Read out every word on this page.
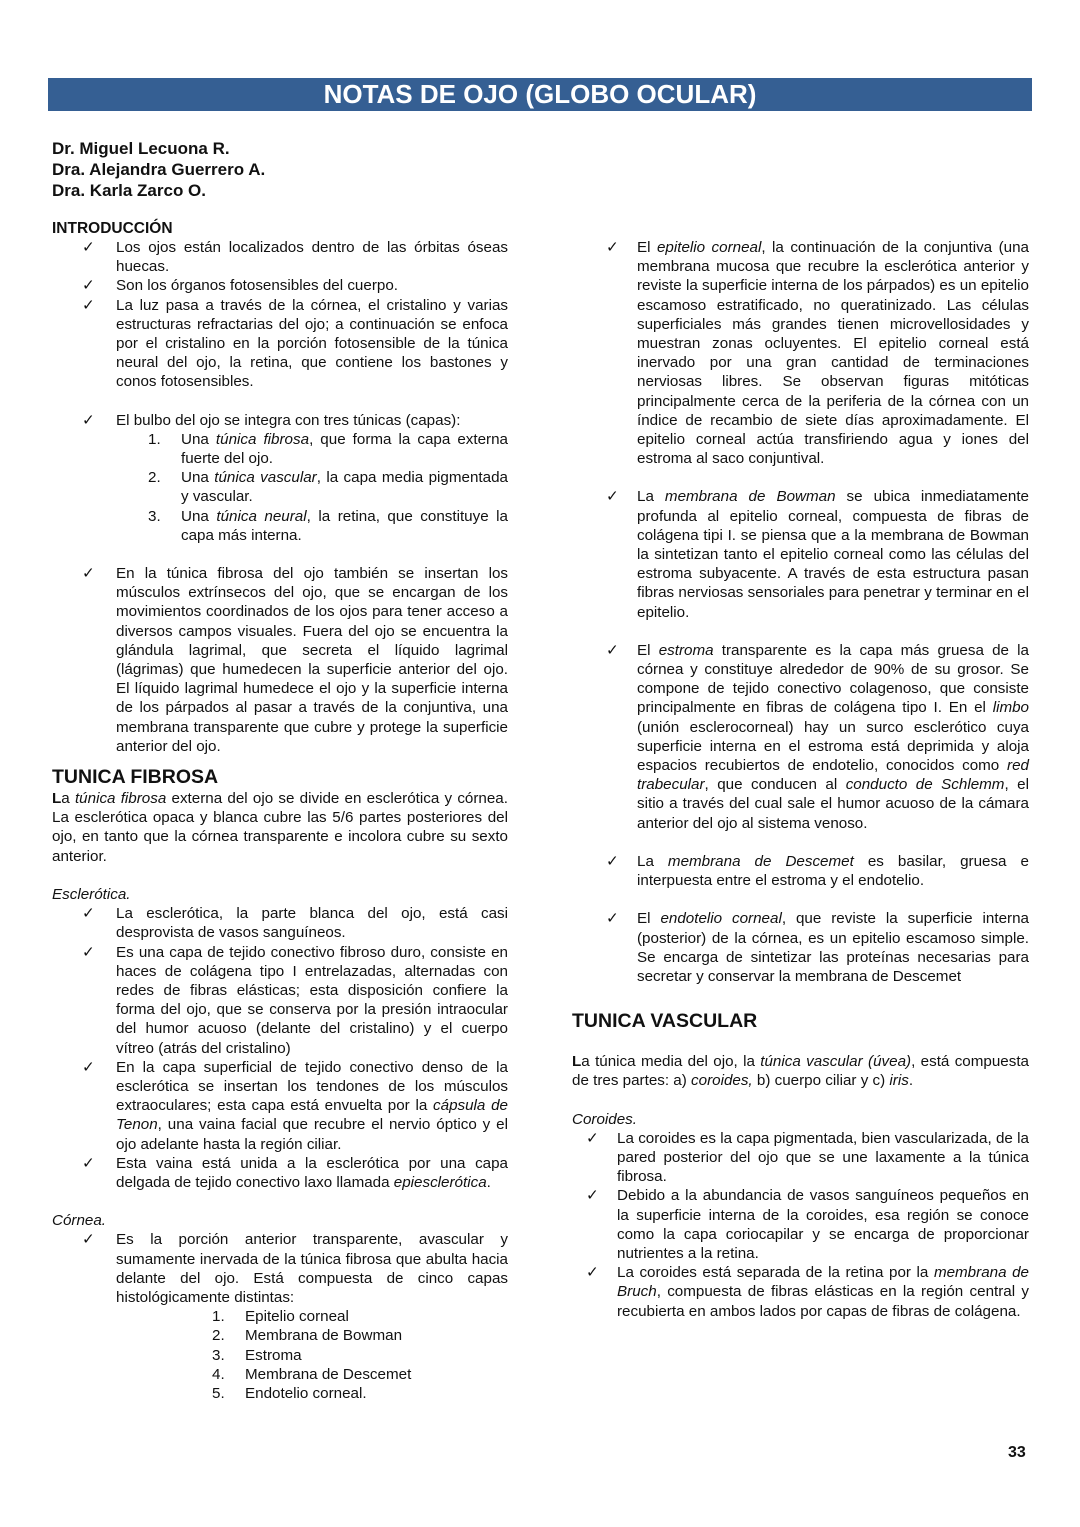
NOTAS DE OJO (GLOBO OCULAR)
Dr. Miguel Lecuona R.
Dra. Alejandra Guerrero A.
Dra. Karla Zarco O.
INTRODUCCIÓN
✓ Los ojos están localizados dentro de las órbitas óseas huecas.
✓ Son los órganos fotosensibles del cuerpo.
✓ La luz pasa a través de la córnea, el cristalino y varias estructuras refractarias del ojo; a continuación se enfoca por el cristalino en la porción fotosensible de la túnica neural del ojo, la retina, que contiene los bastones y conos fotosensibles.
✓ El bulbo del ojo se integra con tres túnicas (capas):
1. Una túnica fibrosa, que forma la capa externa fuerte del ojo.
2. Una túnica vascular, la capa media pigmentada y vascular.
3. Una túnica neural, la retina, que constituye la capa más interna.
✓ En la túnica fibrosa del ojo también se insertan los músculos extrínsecos del ojo, que se encargan de los movimientos coordinados de los ojos para tener acceso a diversos campos visuales. Fuera del ojo se encuentra la glándula lagrimal, que secreta el líquido lagrimal (lágrimas) que humedecen la superficie anterior del ojo. El líquido lagrimal humedece el ojo y la superficie interna de los párpados al pasar a través de la conjuntiva, una membrana transparente que cubre y protege la superficie anterior del ojo.
TUNICA FIBROSA

La túnica fibrosa externa del ojo se divide en esclerótica y córnea. La esclerótica opaca y blanca cubre las 5/6 partes posteriores del ojo, en tanto que la córnea transparente e incolora cubre su sexto anterior.

Esclerótica.

✓ La esclerótica, la parte blanca del ojo, está casi desprovista de vasos sanguíneos.
✓ Es una capa de tejido conectivo fibroso duro, consiste en haces de colágena tipo I entrelazadas, alternadas con redes de fibras elásticas; esta disposición confiere la forma del ojo, que se conserva por la presión intraocular del humor acuoso (delante del cristalino) y el cuerpo vítreo (atrás del cristalino)
✓ En la capa superficial de tejido conectivo denso de la esclerótica se insertan los tendones de los músculos extraoculares; esta capa está envuelta por la cápsula de Tenon, una vaina facial que recubre el nervio óptico y el ojo adelante hasta la región ciliar.
✓ Esta vaina está unida a la esclerótica por una capa delgada de tejido conectivo laxo llamada epiesclerótica.

Córnea.

✓ Es la porción anterior transparente, avascular y sumamente inervada de la túnica fibrosa que abulta hacia delante del ojo. Está compuesta de cinco capas histológicamente distintas:
1. Epitelio corneal
2. Membrana de Bowman
3. Estroma
4. Membrana de Descemet
5. Endotelio corneal.
✓ El epitelio corneal, la continuación de la conjuntiva (una membrana mucosa que recubre la esclerótica anterior y reviste la superficie interna de los párpados) es un epitelio escamoso estratificado, no queratinizado. Las células superficiales más grandes tienen microvellosidades y muestran zonas ocluyentes. El epitelio corneal está inervado por una gran cantidad de terminaciones nerviosas libres. Se observan figuras mitóticas principalmente cerca de la periferia de la córnea con un índice de recambio de siete días aproximadamente. El epitelio corneal actúa transfiriendo agua y iones del estroma al saco conjuntival.
✓ La membrana de Bowman se ubica inmediatamente profunda al epitelio corneal, compuesta de fibras de colágena tipi I. se piensa que a la membrana de Bowman la sintetizan tanto el epitelio corneal como las células del estroma subyacente. A través de esta estructura pasan fibras nerviosas sensoriales para penetrar y terminar en el epitelio.
✓ El estroma transparente es la capa más gruesa de la córnea y constituye alrededor de 90% de su grosor. Se compone de tejido conectivo colagenoso, que consiste principalmente en fibras de colágena tipo I. En el limbo (unión esclerocorneal) hay un surco esclerótico cuya superficie interna en el estroma está deprimida y aloja espacios recubiertos de endotelio, conocidos como red trabecular, que conducen al conducto de Schlemm, el sitio a través del cual sale el humor acuoso de la cámara anterior del ojo al sistema venoso.
✓ La membrana de Descemet es basilar, gruesa e interpuesta entre el estroma y el endotelio.
✓ El endotelio corneal, que reviste la superficie interna (posterior) de la córnea, es un epitelio escamoso simple. Se encarga de sintetizar las proteínas necesarias para secretar y conservar la membrana de Descemet
TUNICA VASCULAR

La túnica media del ojo, la túnica vascular (úvea), está compuesta de tres partes: a) coroides, b) cuerpo ciliar y c) iris.

Coroides.

✓ La coroides es la capa pigmentada, bien vascularizada, de la pared posterior del ojo que se une laxamente a la túnica fibrosa.
✓ Debido a la abundancia de vasos sanguíneos pequeños en la superficie interna de la coroides, esa región se conoce como la capa coriocapilar y se encarga de proporcionar nutrientes a la retina.
✓ La coroides está separada de la retina por la membrana de Bruch, compuesta de fibras elásticas en la región central y recubierta en ambos lados por capas de fibras de colágena.
33
